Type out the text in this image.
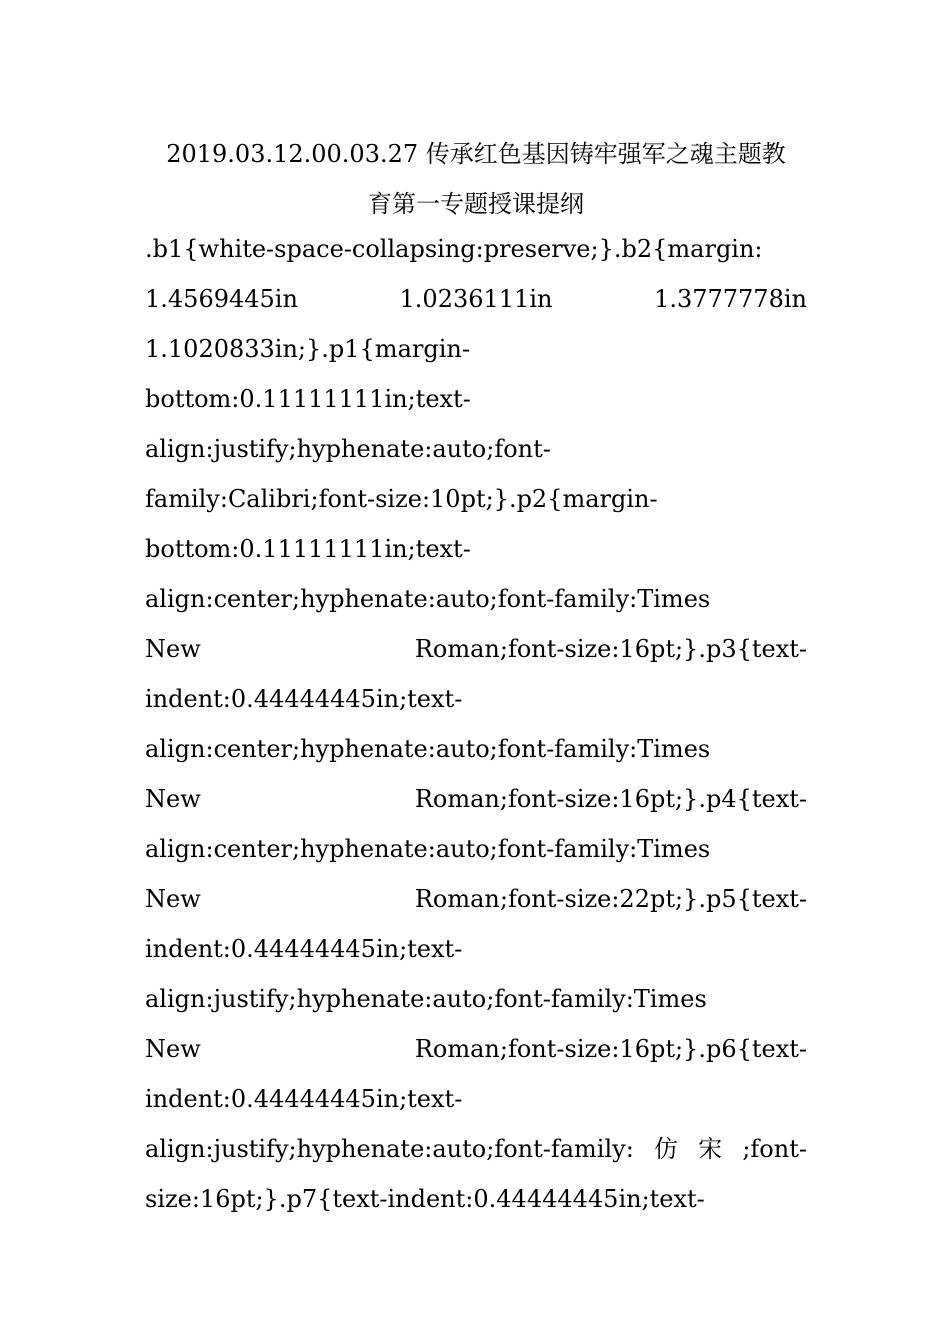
2019.03.12.00.03.27 传承红色基因铸牢强军之魂主题教
育第一专题授课提纲
.b1{white-space-collapsing:preserve;}.b2{margin:
1.4569445in	1.0236111in	1.3777778in
1.1020833in;}.p1{margin-
bottom:0.11111111in;text-
align:justify;hyphenate:auto;font-
family:Calibri;font-size:10pt;}.p2{margin-
bottom:0.11111111in;text-
align:center;hyphenate:auto;font-family:Times
New	Roman;font-size:16pt;}.p3{text-
indent:0.44444445in;text-
align:center;hyphenate:auto;font-family:Times
New	Roman;font-size:16pt;}.p4{text-
align:center;hyphenate:auto;font-family:Times
New	Roman;font-size:22pt;}.p5{text-
indent:0.44444445in;text-
align:justify;hyphenate:auto;font-family:Times
New	Roman;font-size:16pt;}.p6{text-
indent:0.44444445in;text-
align:justify;hyphenate:auto;font-family: 仿 宋 ;font-
size:16pt;}.p7{text-indent:0.44444445in;text-
